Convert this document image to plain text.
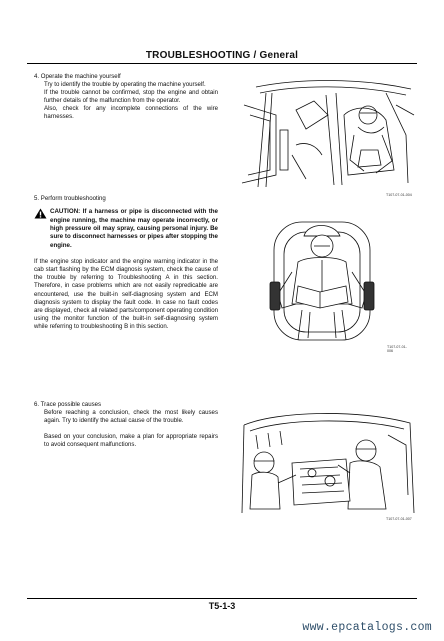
TROUBLESHOOTING / General

4. Operate the machine yourself

Try to identify the trouble by operating the machine yourself.

If the trouble cannot be confirmed, stop the engine and obtain further details of the malfunction from the operator.

Also, check for any incomplete connections of the wire harnesses.

5. Perform troubleshooting

CAUTION: If a harness or pipe is disconnected with the engine running, the machine may operate incorrectly, or high pressure oil may spray, causing personal injury. Be sure to disconnect harnesses or pipes after stopping the engine.

If the engine stop indicator and the engine warning indicator in the cab start flashing by the ECM diagnosis system, check the cause of the trouble by referring to Troubleshooting A in this section. Therefore, in case problems which are not easily repredicable are encountered, use the built-in self-diagnosing system and ECM diagnosis system to display the fault code. In case no fault codes are displayed, check all related parts/component operating condition using the monitor function of the built-in self-diagnosing system while referring to troubleshooting B in this section.

6. Trace possible causes

Before reaching a conclusion, check the most likely causes again. Try to identify the actual cause of the trouble.

Based on your conclusion, make a plan for appropriate repairs to avoid consequent malfunctions.

T107-07-01-004
T107-07-01-006
T107-07-01-007
T5-1-3
www.epcatalogs.com
